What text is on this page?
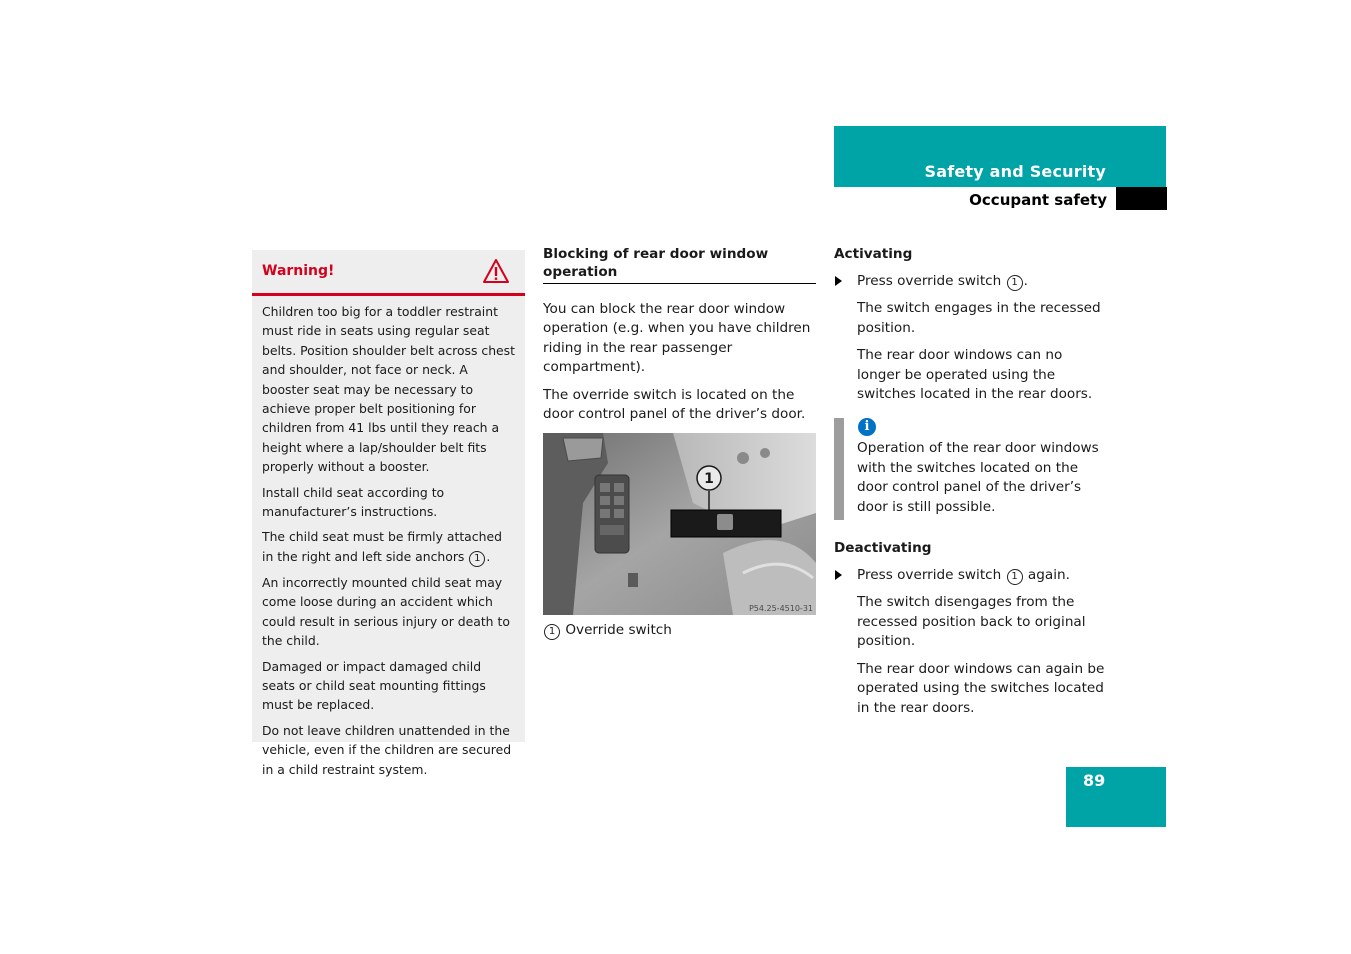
Safety and Security
Occupant safety
Warning!

Children too big for a toddler restraint must ride in seats using regular seat belts. Position shoulder belt across chest and shoulder, not face or neck. A booster seat may be necessary to achieve proper belt positioning for children from 41 lbs until they reach a height where a lap/shoulder belt fits properly without a booster.

Install child seat according to manufacturer’s instructions.

The child seat must be firmly attached in the right and left side anchors 1 .

An incorrectly mounted child seat may come loose during an accident which could result in serious injury or death to the child.

Damaged or impact damaged child seats or child seat mounting fittings must be replaced.

Do not leave children unattended in the vehicle, even if the children are secured in a child restraint system.

Blocking of rear door window operation

You can block the rear door window operation (e.g. when you have children riding in the rear passenger compartment).

The override switch is located on the door control panel of the driver’s door.

1
P54.25-4510-31
1 Override switch
Activating
Press override switch 1 .

The switch engages in the recessed position.

The rear door windows can no longer be operated using the switches located in the rear doors.

i
Operation of the rear door windows with the switches located on the door control panel of the driver’s door is still possible.
Deactivating
Press override switch 1 again.

The switch disengages from the recessed position back to original position.

The rear door windows can again be operated using the switches located in the rear doors.

89
